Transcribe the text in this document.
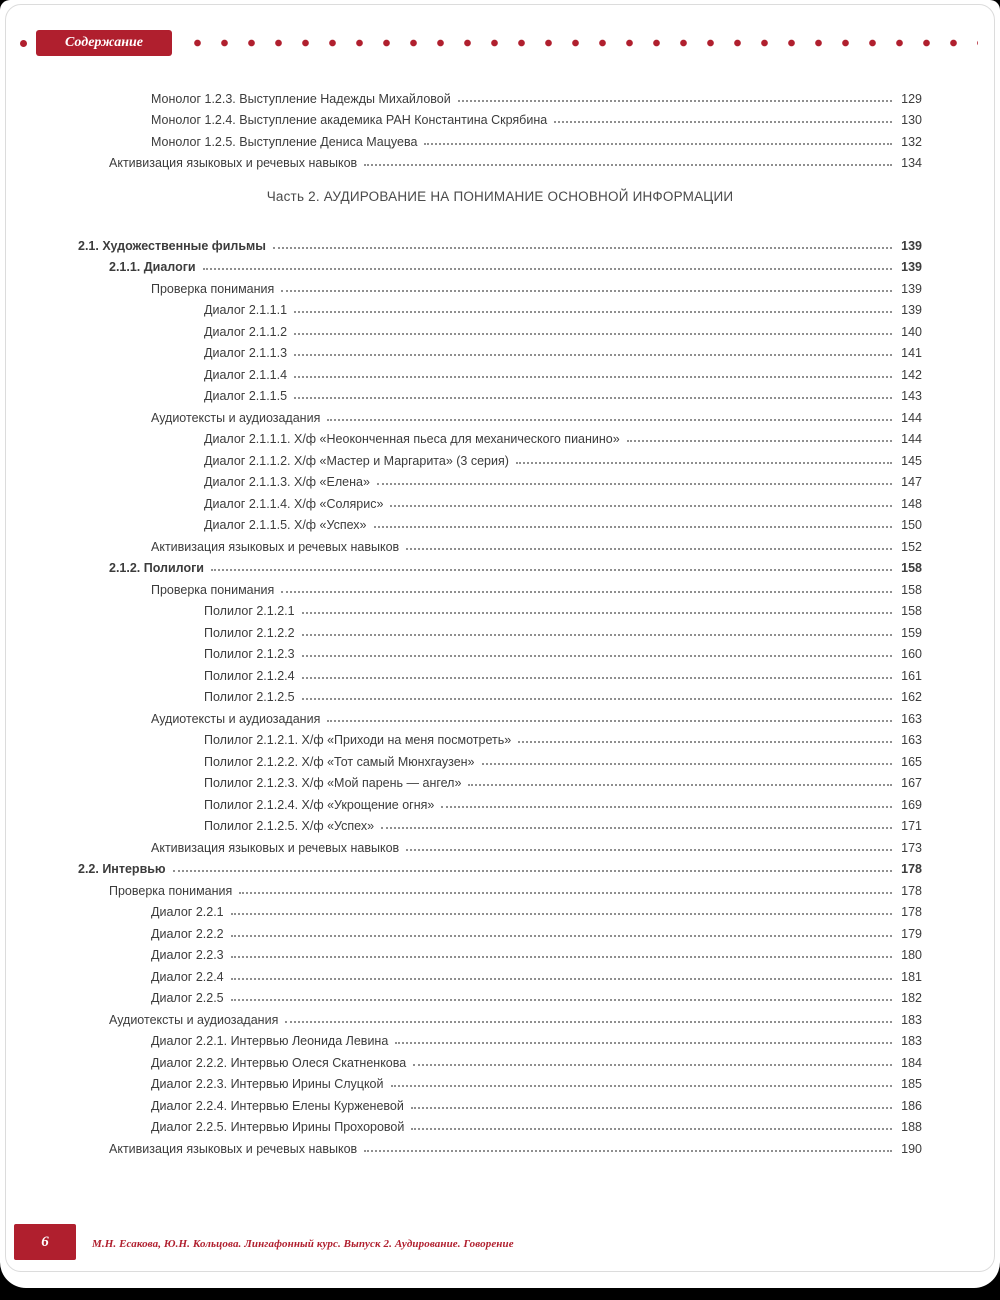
Содержание
Монолог 1.2.3. Выступление Надежды Михайловой	129
Монолог 1.2.4. Выступление академика РАН Константина Скрябина	130
Монолог 1.2.5. Выступление Дениса Мацуева	132
Активизация языковых и речевых навыков	134
Часть 2. АУДИРОВАНИЕ НА ПОНИМАНИЕ ОСНОВНОЙ ИНФОРМАЦИИ
2.1. Художественные фильмы	139
2.1.1. Диалоги	139
Проверка понимания	139
Диалог 2.1.1.1	139
Диалог 2.1.1.2	140
Диалог 2.1.1.3	141
Диалог 2.1.1.4	142
Диалог 2.1.1.5	143
Аудиотексты и аудиозадания	144
Диалог 2.1.1.1. Х/ф «Неоконченная пьеса для механического пианино»	144
Диалог 2.1.1.2. Х/ф «Мастер и Маргарита» (3 серия)	145
Диалог 2.1.1.3. Х/ф «Елена»	147
Диалог 2.1.1.4. Х/ф «Солярис»	148
Диалог 2.1.1.5. Х/ф «Успех»	150
Активизация языковых и речевых навыков	152
2.1.2. Полилоги	158
Проверка понимания	158
Полилог 2.1.2.1	158
Полилог 2.1.2.2	159
Полилог 2.1.2.3	160
Полилог 2.1.2.4	161
Полилог 2.1.2.5	162
Аудиотексты и аудиозадания	163
Полилог 2.1.2.1. Х/ф «Приходи на меня посмотреть»	163
Полилог 2.1.2.2. Х/ф «Тот самый Мюнхгаузен»	165
Полилог 2.1.2.3. Х/ф «Мой парень — ангел»	167
Полилог 2.1.2.4. Х/ф «Укрощение огня»	169
Полилог 2.1.2.5. Х/ф «Успех»	171
Активизация языковых и речевых навыков	173
2.2. Интервью	178
Проверка понимания	178
Диалог 2.2.1	178
Диалог 2.2.2	179
Диалог 2.2.3	180
Диалог 2.2.4	181
Диалог 2.2.5	182
Аудиотексты и аудиозадания	183
Диалог 2.2.1. Интервью Леонида Левина	183
Диалог 2.2.2. Интервью Олеся Скатненкова	184
Диалог 2.2.3. Интервью Ирины Слуцкой	185
Диалог 2.2.4. Интервью Елены Курженевой	186
Диалог 2.2.5. Интервью Ирины Прохоровой	188
Активизация языковых и речевых навыков	190
6	М.Н. Есакова, Ю.Н. Кольцова. Лингафонный курс. Выпуск 2. Аудирование. Говорение
